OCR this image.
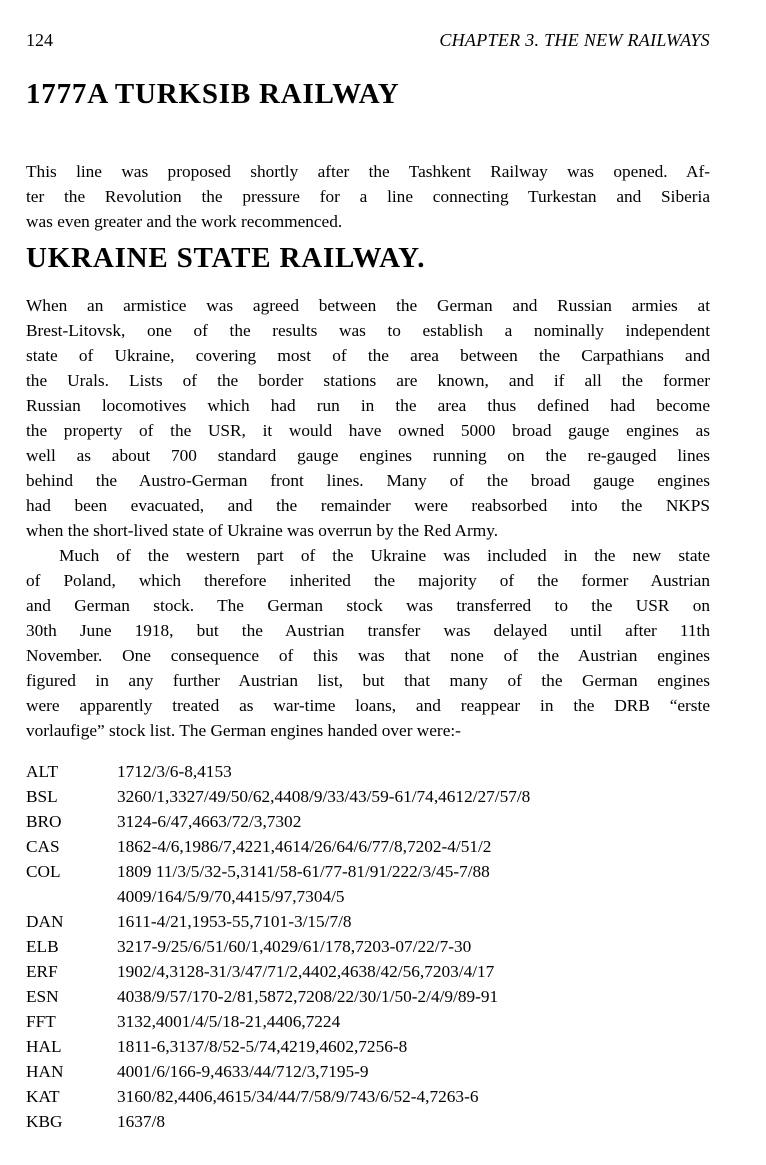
124	CHAPTER 3. THE NEW RAILWAYS
1777A TURKSIB RAILWAY

This line was proposed shortly after the Tashkent Railway was opened. Af-
ter the Revolution the pressure for a line connecting Turkestan and Siberia
was even greater and the work recommenced.

UKRAINE STATE RAILWAY.

When an armistice was agreed between the German and Russian armies at
Brest-Litovsk, one of the results was to establish a nominally independent
state of Ukraine, covering most of the area between the Carpathians and
the Urals. Lists of the border stations are known, and if all the former
Russian locomotives which had run in the area thus defined had become
the property of the USR, it would have owned 5000 broad gauge engines as
well as about 700 standard gauge engines running on the re-gauged lines
behind the Austro-German front lines. Many of the broad gauge engines
had been evacuated, and the remainder were reabsorbed into the NKPS
when the short-lived state of Ukraine was overrun by the Red Army.

Much of the western part of the Ukraine was included in the new state
of Poland, which therefore inherited the majority of the former Austrian
and German stock. The German stock was transferred to the USR on
30th June 1918, but the Austrian transfer was delayed until after 11th
November. One consequence of this was that none of the Austrian engines
figured in any further Austrian list, but that many of the German engines
were apparently treated as war-time loans, and reappear in the DRB “erste
vorlaufige” stock list. The German engines handed over were:-

ALT	1712/3/6-8,4153
BSL	3260/1,3327/49/50/62,4408/9/33/43/59-61/74,4612/27/57/8
BRO	3124-6/47,4663/72/3,7302
CAS	1862-4/6,1986/7,4221,4614/26/64/6/77/8,7202-4/51/2
COL	1809 11/3/5/32-5,3141/58-61/77-81/91/222/3/45-7/88
4009/164/5/9/70,4415/97,7304/5
DAN	1611-4/21,1953-55,7101-3/15/7/8
ELB	3217-9/25/6/51/60/1,4029/61/178,7203-07/22/7-30
ERF	1902/4,3128-31/3/47/71/2,4402,4638/42/56,7203/4/17
ESN	4038/9/57/170-2/81,5872,7208/22/30/1/50-2/4/9/89-91
FFT	3132,4001/4/5/18-21,4406,7224
HAL	1811-6,3137/8/52-5/74,4219,4602,7256-8
HAN	4001/6/166-9,4633/44/712/3,7195-9
KAT	3160/82,4406,4615/34/44/7/58/9/743/6/52-4,7263-6
KBG	1637/8
